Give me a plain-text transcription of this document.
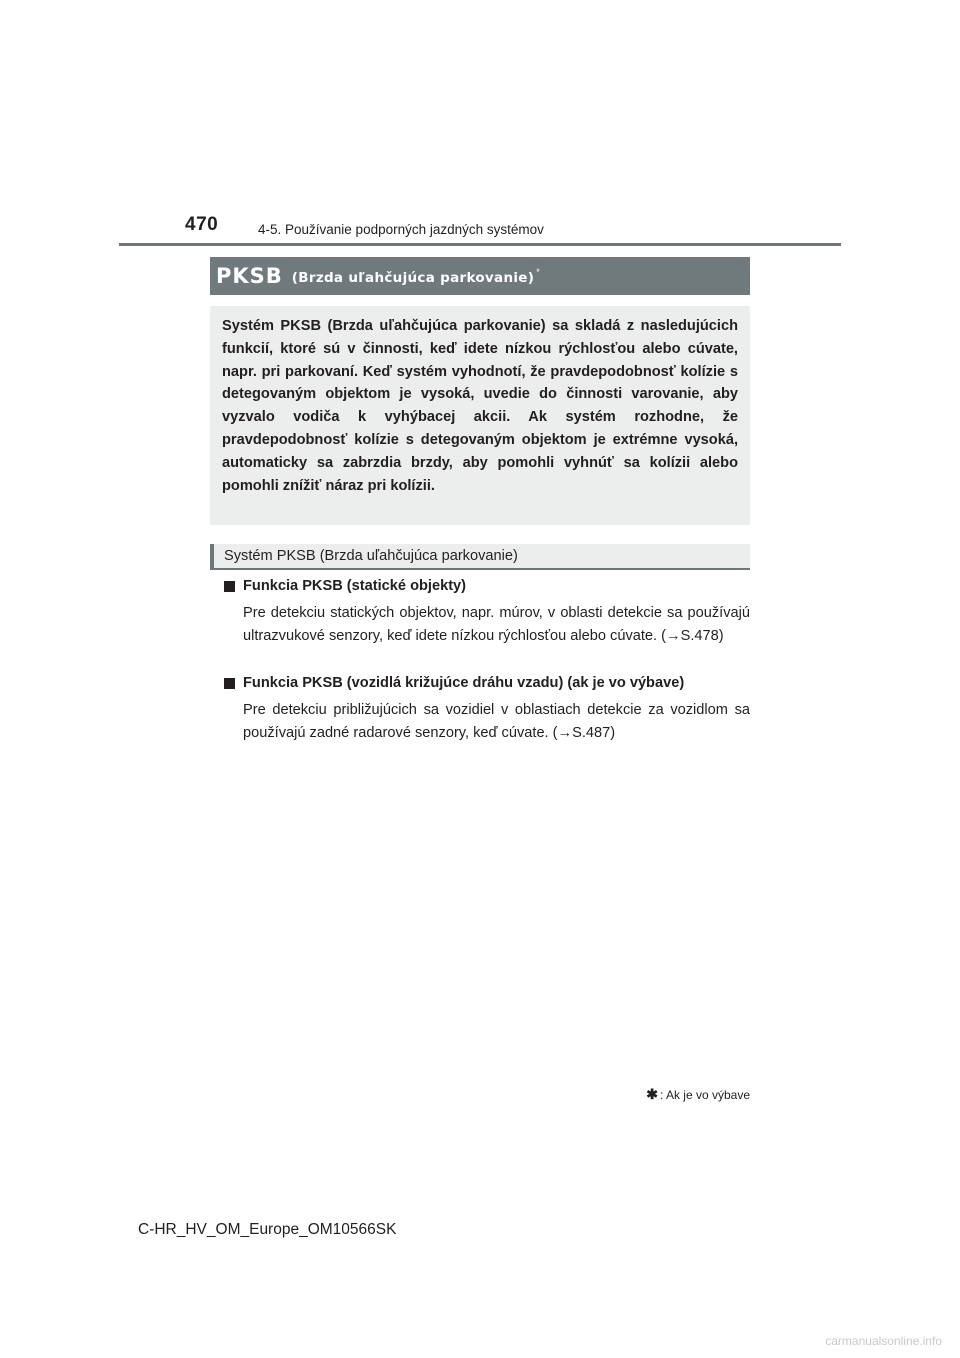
470	4-5. Používanie podporných jazdných systémov
PKSB (Brzda uľahčujúca parkovanie) *
Systém PKSB (Brzda uľahčujúca parkovanie) sa skladá z nasledujúcich funkcií, ktoré sú v činnosti, keď idete nízkou rýchlosťou alebo cúvate, napr. pri parkovaní. Keď systém vyhodnotí, že pravdepodobnosť kolízie s detegovaným objektom je vysoká, uvedie do činnosti varovanie, aby vyzvalo vodiča k vyhýbacej akcii. Ak systém rozhodne, že pravdepodobnosť kolízie s detegovaným objektom je extrémne vysoká, automaticky sa zabrzdia brzdy, aby pomohli vyhnúť sa kolízii alebo pomohli znížiť náraz pri kolízii.
Systém PKSB (Brzda uľahčujúca parkovanie)
Funkcia PKSB (statické objekty)
Pre detekciu statických objektov, napr. múrov, v oblasti detekcie sa používajú ultrazvukové senzory, keď idete nízkou rýchlosťou alebo cúvate. (→S.478)
Funkcia PKSB (vozidlá križujúce dráhu vzadu) (ak je vo výbave)
Pre detekciu približujúcich sa vozidiel v oblastiach detekcie za vozidlom sa používajú zadné radarové senzory, keď cúvate. (→S.487)
✱ : Ak je vo výbave
C-HR_HV_OM_Europe_OM10566SK
carmanualsonline.info
